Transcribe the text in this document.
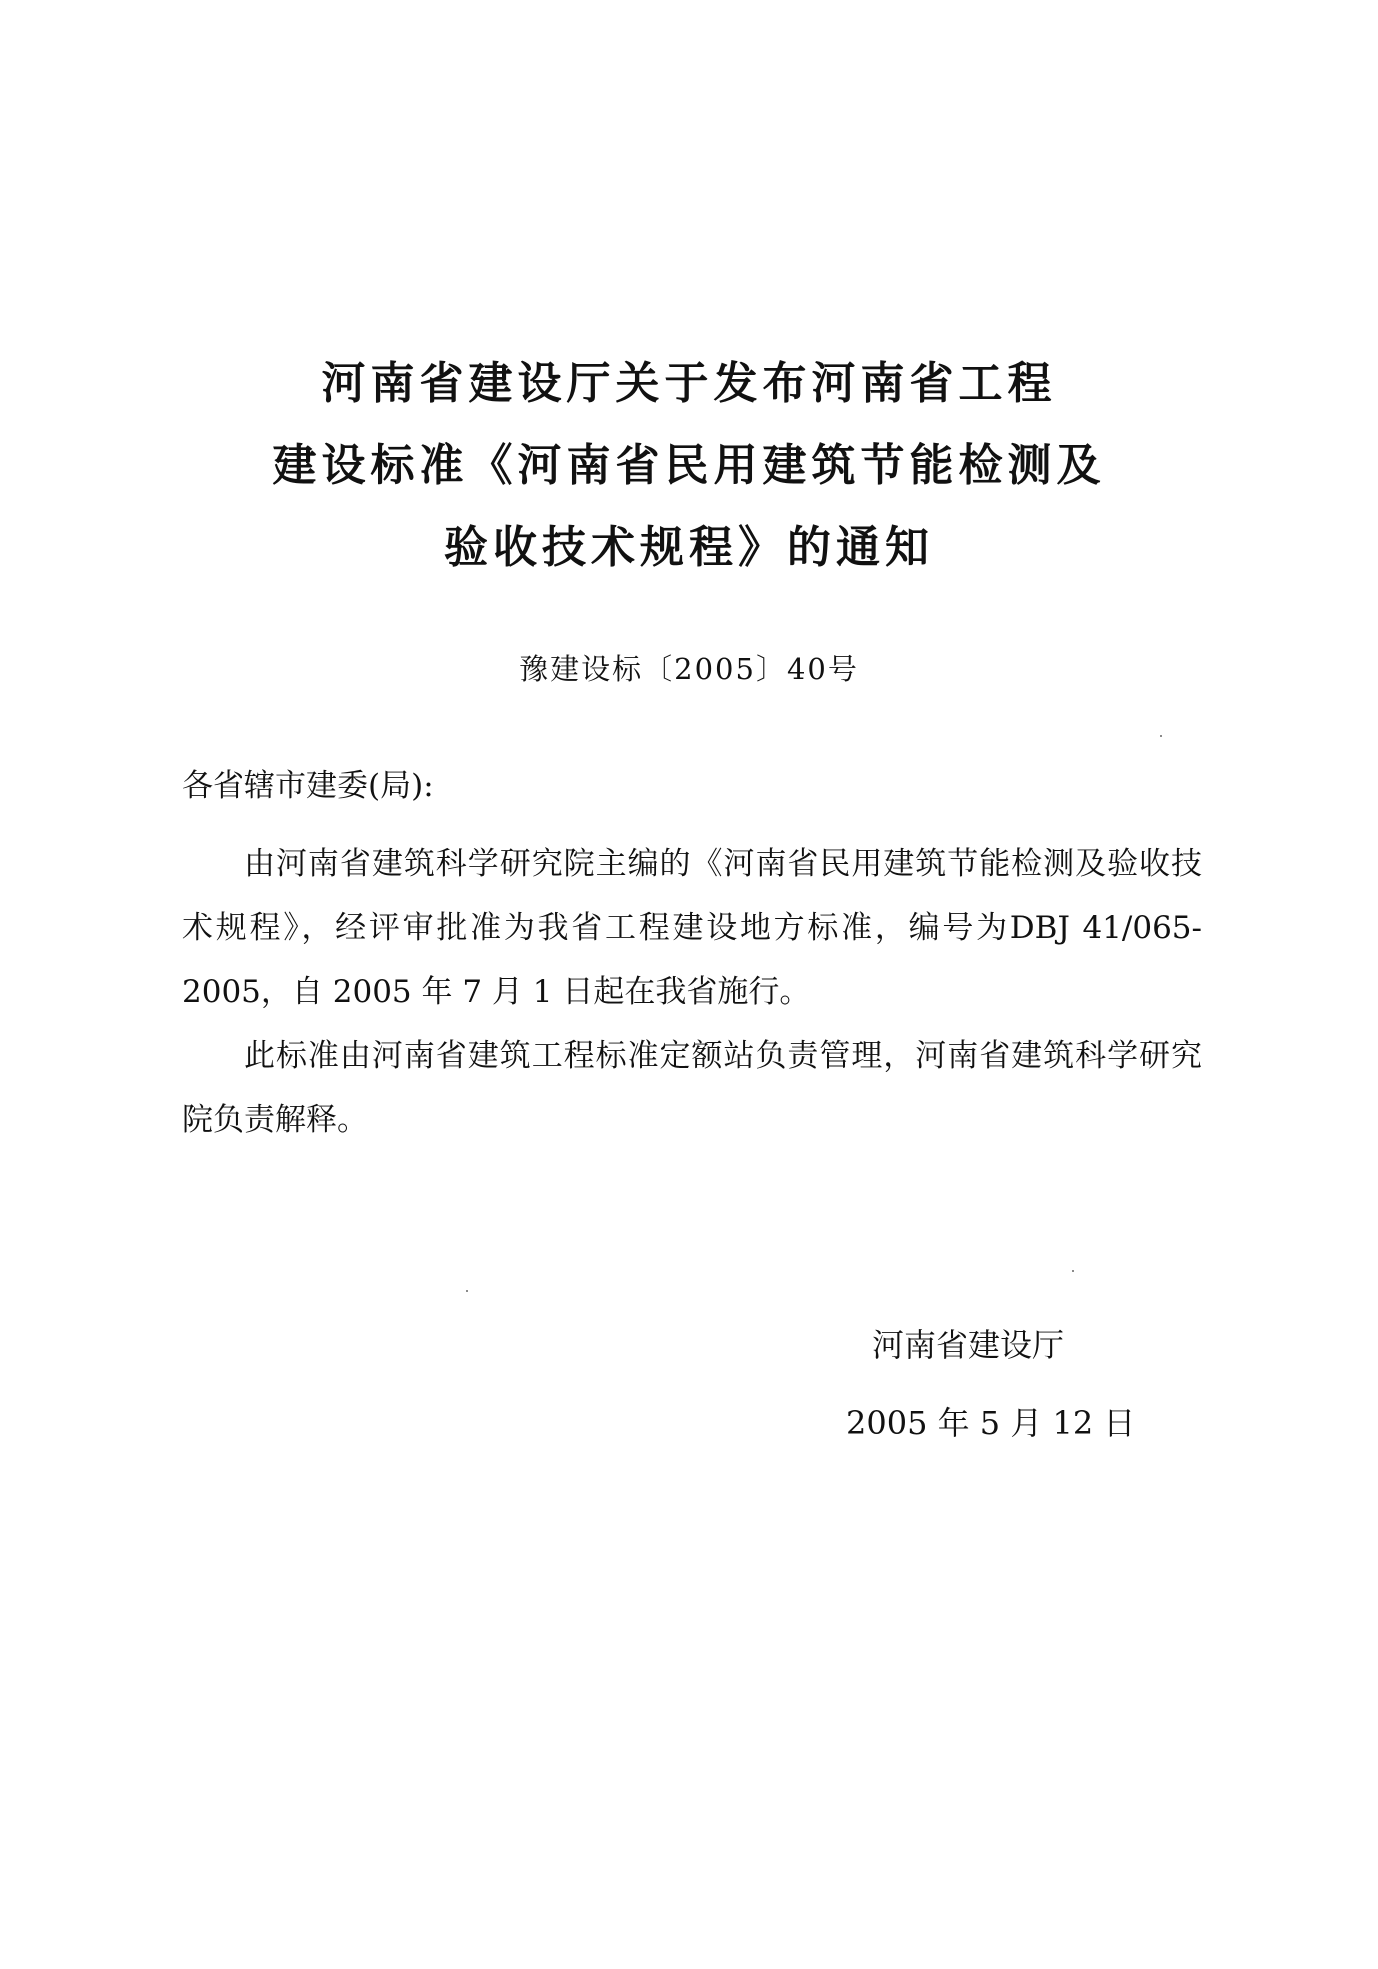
河南省建设厅关于发布河南省工程
建设标准《河南省民用建筑节能检测及
验收技术规程》的通知
豫建设标〔2005〕40号
各省辖市建委(局):

由河南省建筑科学研究院主编的《河南省民用建筑节能检测及验收技术规程》，经评审批准为我省工程建设地方标准，编号为DBJ 41/065-2005，自 2005 年 7 月 1 日起在我省施行。

此标准由河南省建筑工程标准定额站负责管理，河南省建筑科学研究院负责解释。

河南省建设厅
2005 年 5 月 12 日
